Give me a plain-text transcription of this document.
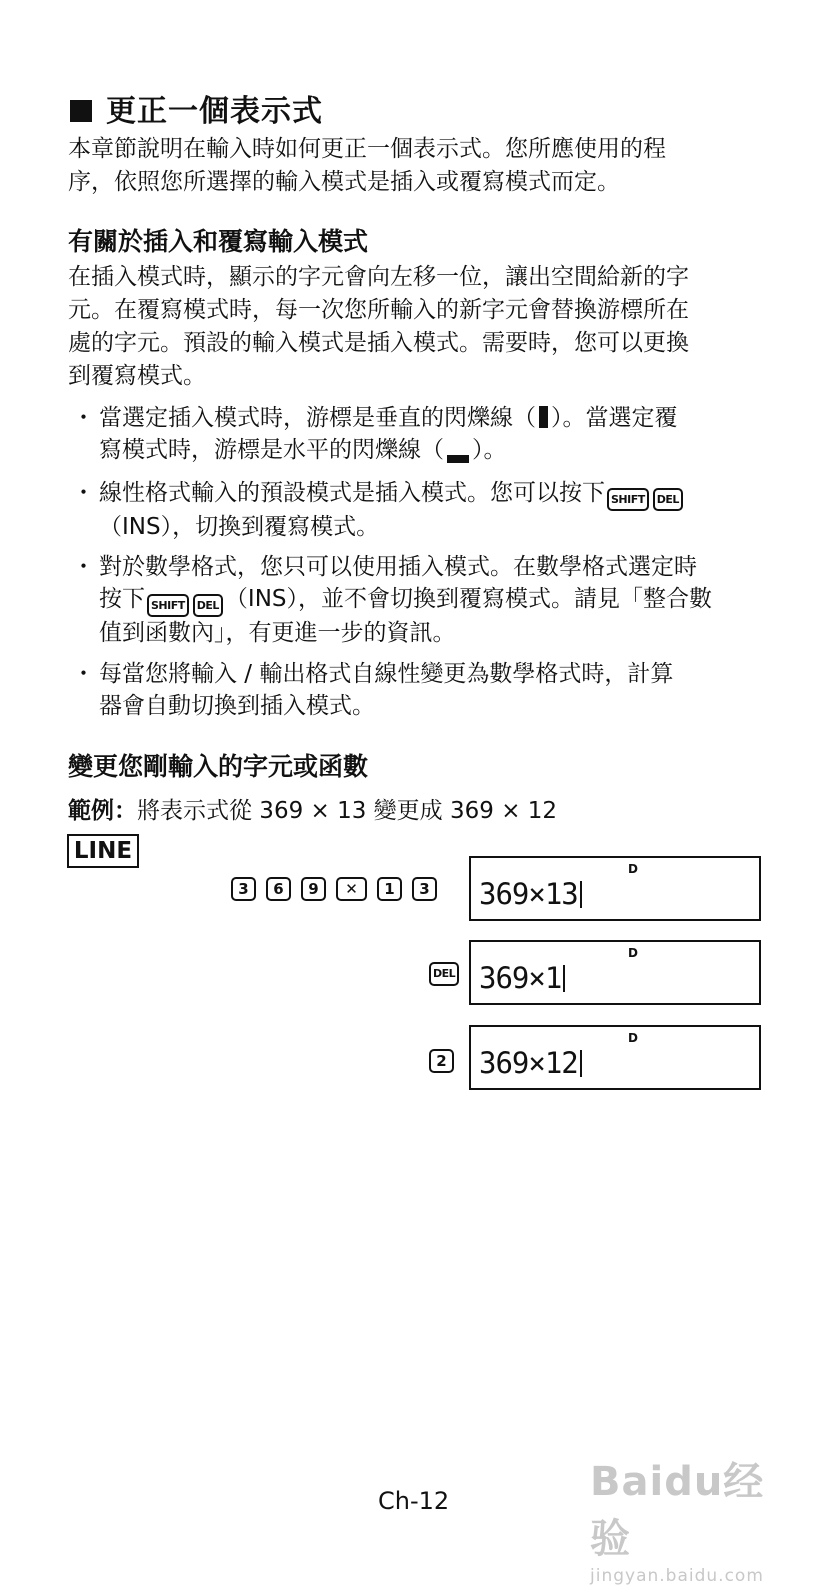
更正一個表示式
本章節說明在輸入時如何更正一個表示式。您所應使用的程
序，依照您所選擇的輸入模式是插入或覆寫模式而定。
有關於插入和覆寫輸入模式
在插入模式時，顯示的字元會向左移一位，讓出空間給新的字
元。在覆寫模式時，每一次您所輸入的新字元會替換游標所在
處的字元。預設的輸入模式是插入模式。需要時，您可以更換
到覆寫模式。
・ 當選定插入模式時，游標是垂直的閃爍線（ ）。當選定覆
寫模式時，游標是水平的閃爍線（ ）。
・ 線性格式輸入的預設模式是插入模式。您可以按下 SHIFT DEL
（INS），切換到覆寫模式。
・ 對於數學格式，您只可以使用插入模式。在數學格式選定時
按下 SHIFT DEL （INS），並不會切換到覆寫模式。請見「整合數
值到函數內」，有更進一步的資訊。
・ 每當您將輸入 / 輸出格式自線性變更為數學格式時，計算
器會自動切換到插入模式。
變更您剛輸入的字元或函數
範例：將表示式從 369 × 13 變更成 369 × 12
LINE
3	6	9	✕	1	3
D
369×13
DEL
D
369×1
2
D
369×12
Ch-12	Baidu经验
jingyan.baidu.com
